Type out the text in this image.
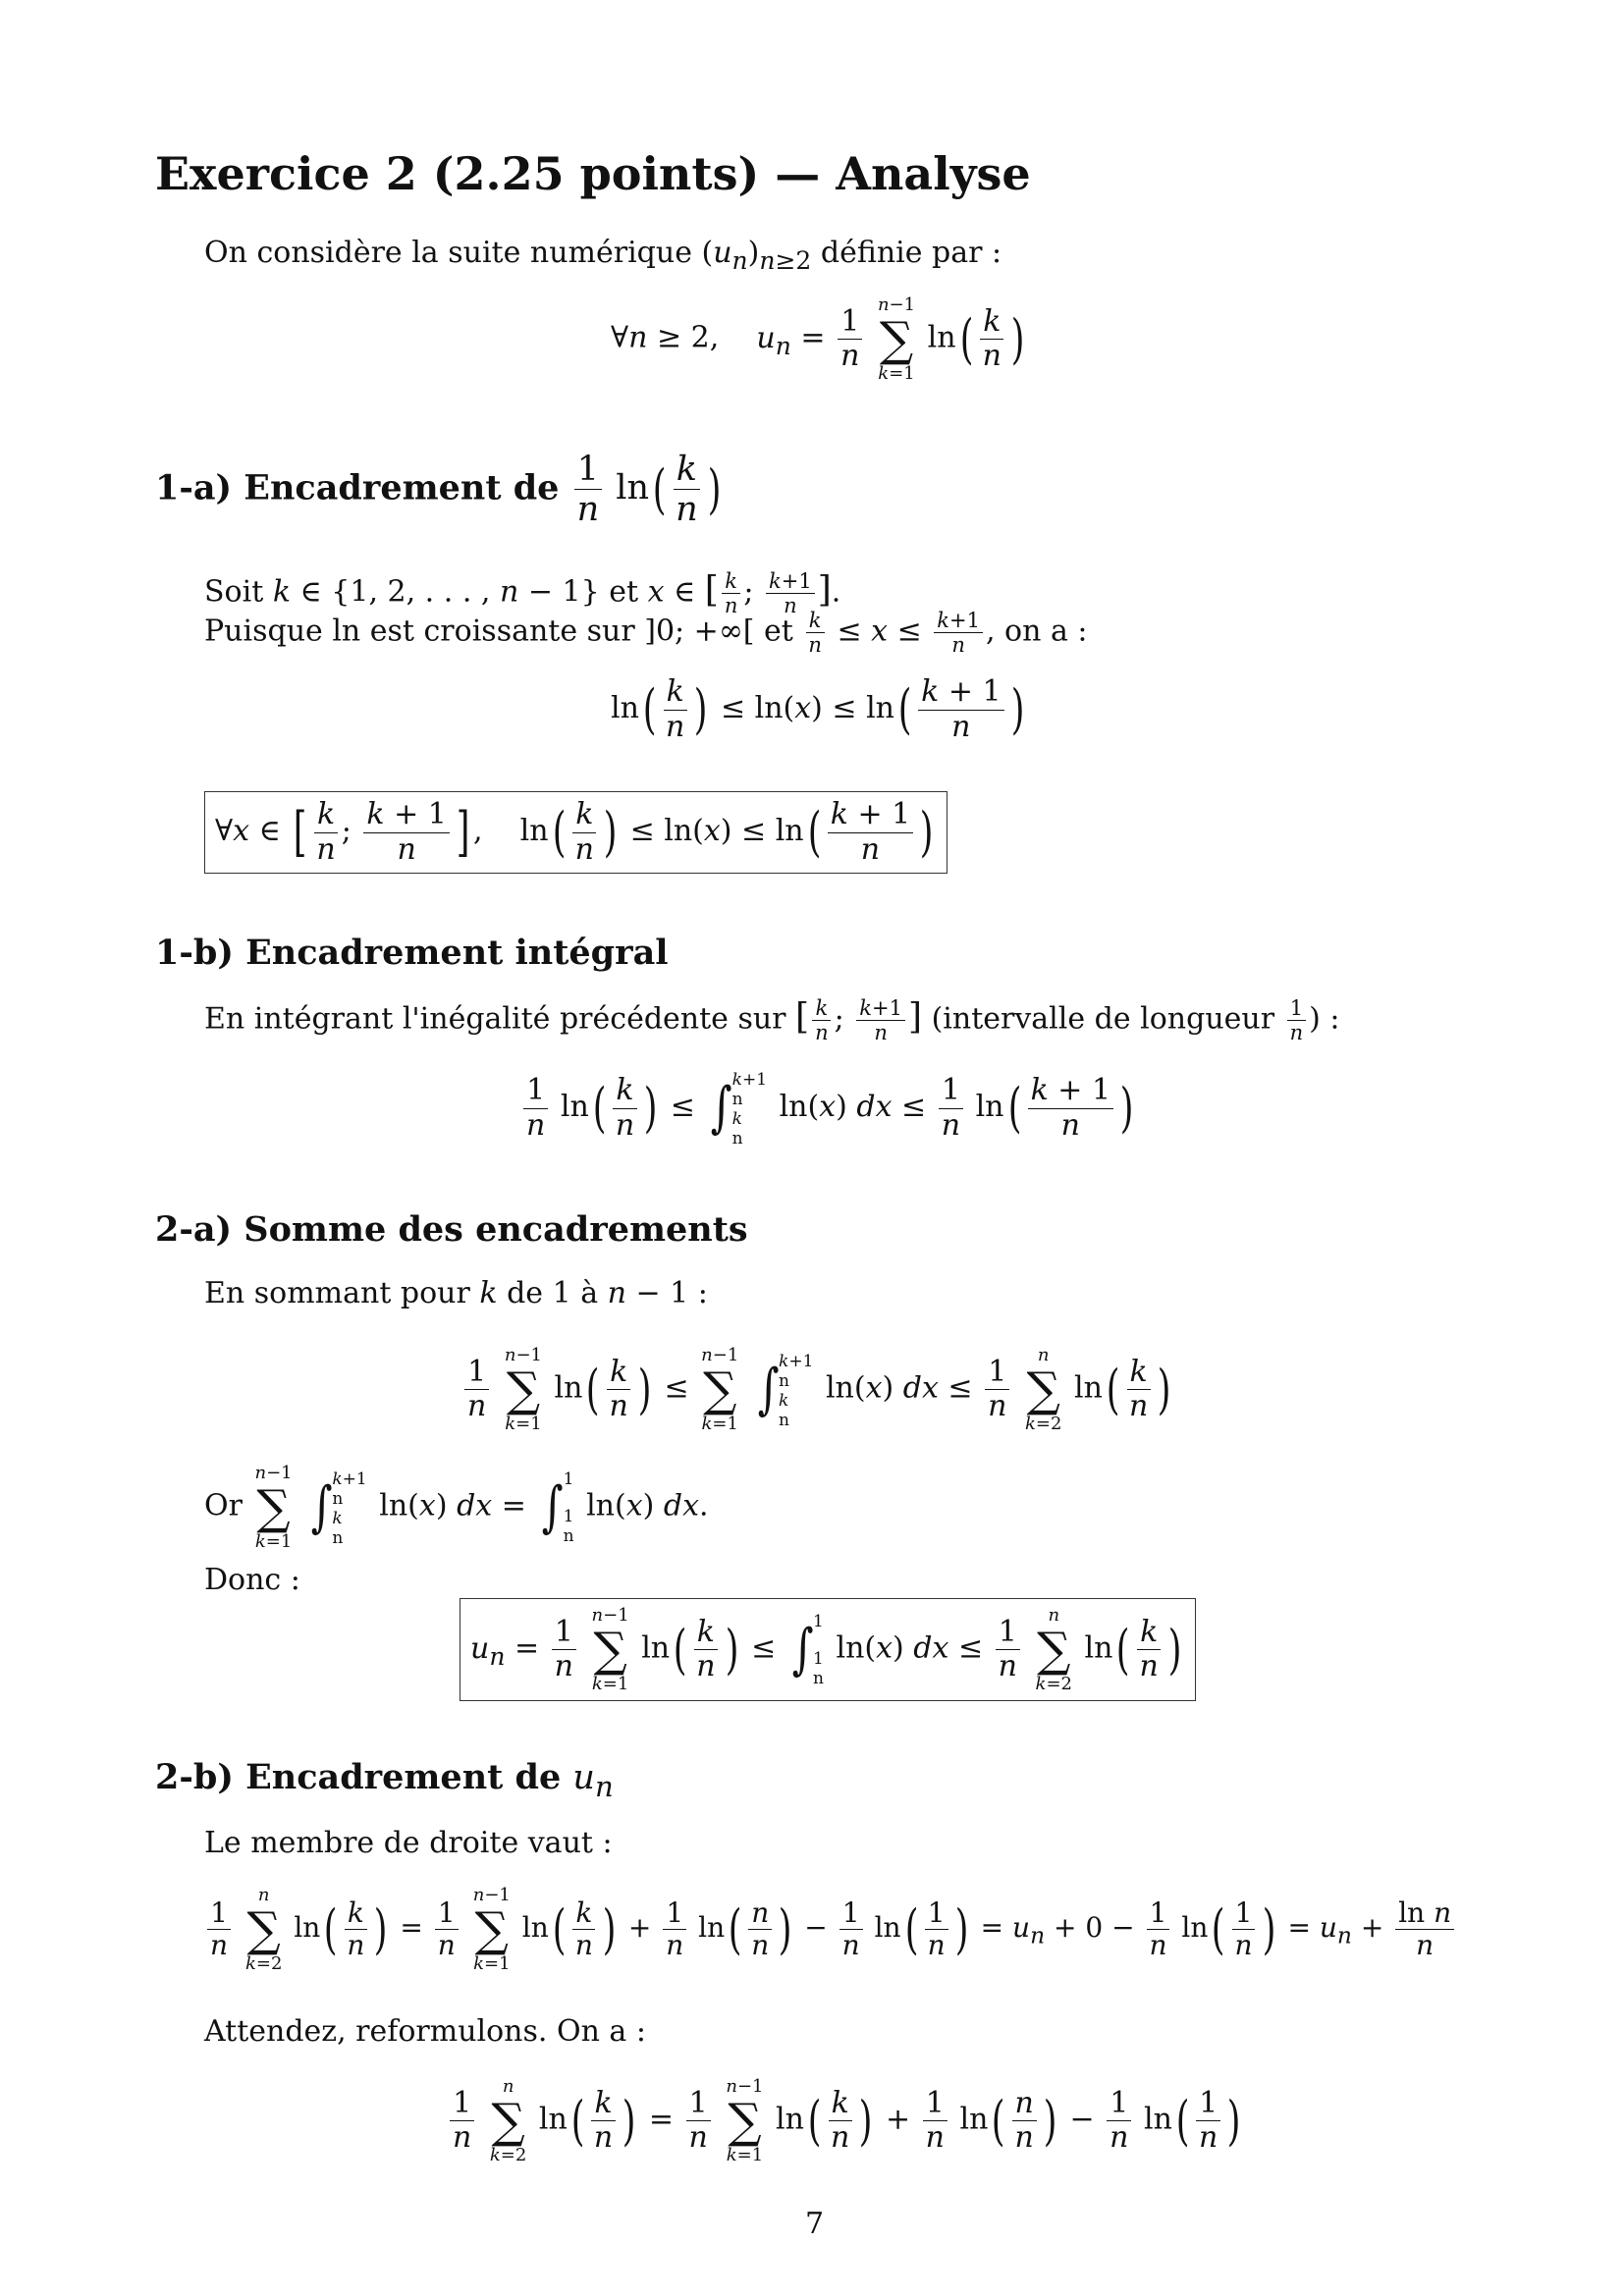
Exercice 2 (2.25 points) — Analyse
On considère la suite numérique $(u_n)_{n\ge 2}$ définie par :
∀n ≥ 2,    $u_n = \frac{1}{n}$

n−1
∑
k=1
$\ln( \frac{k}{n}$ )
1-a) Encadrement de $\frac{1}{n} \ln( \frac{k}{n}$ )
Soit k ∈ {1, 2, . . . , n − 1} et x ∈ [ $\frac{k}{n}$ ; $\frac{k+1}{n}$ ].
Puisque ln est croissante sur ]0; +∞[ et $\frac{k}{n} \le x \le \frac{k+1}{n}$ , on a :
$\ln( \frac{k}{n}$ ) ≤ $\ln(x) \le \ln( \frac{k + 1}{n}$ )
∀x ∈ [ $\frac{k}{n}$ ; $\frac{k + 1}{n}$ ] ,    $\ln( \frac{k}{n}$ ) ≤ $\ln(x) \le \ln( \frac{k + 1}{n}$ )
1-b) Encadrement intégral
En intégrant l'inégalité précédente sur [ $\frac{k}{n}$ ; $\frac{k+1}{n}$ ] (intervalle de longueur $\frac{1}{n}$ ) :
$\frac{1}{n} \ln( \frac{k}{n}$ ) ≤ ∫ k+1
n
k
n
ln(x) dx ≤ $\frac{1}{n} \ln( \frac{k + 1}{n}$ )
2-a) Somme des encadrements
En sommant pour k de 1 à n − 1 :
$\frac{1}{n}$

n−1
∑
k=1
$\ln( \frac{k}{n}$ ) ≤
n−1
∑
k=1

∫ k+1
n
k
n
ln(x) dx ≤ $\frac{1}{n}$

n
∑
k=2
$\ln( \frac{k}{n}$ )
Or
n−1
∑
k=1

∫ k+1
n
k
n
ln(x) dx = ∫ 1
1
n
ln(x) dx.
Donc :
$u_n = \frac{1}{n}$

n−1
∑
k=1
$\ln( \frac{k}{n}$ ) ≤ ∫ 1
1
n
ln(x) dx ≤ $\frac{1}{n}$

n
∑
k=2
$\ln( \frac{k}{n}$ )
2-b) Encadrement de $u_n$
Le membre de droite vaut :
$\frac{1}{n}$

n
∑
k=2
$\ln( \frac{k}{n}$ ) = $\frac{1}{n}$

n−1
∑
k=1
$\ln( \frac{k}{n}$ ) + $\frac{1}{n} \ln( \frac{n}{n}$ ) − $\frac{1}{n} \ln( \frac{1}{n}$ ) = $u_n + 0 - \frac{1}{n} \ln( \frac{1}{n}$ ) = $u_n + \frac{\text{ln n}}{n}$
Attendez, reformulons. On a :
$\frac{1}{n}$

n
∑
k=2
$\ln( \frac{k}{n}$ ) = $\frac{1}{n}$

n−1
∑
k=1
$\ln( \frac{k}{n}$ ) + $\frac{1}{n} \ln( \frac{n}{n}$ ) − $\frac{1}{n} \ln( \frac{1}{n}$ )
7
